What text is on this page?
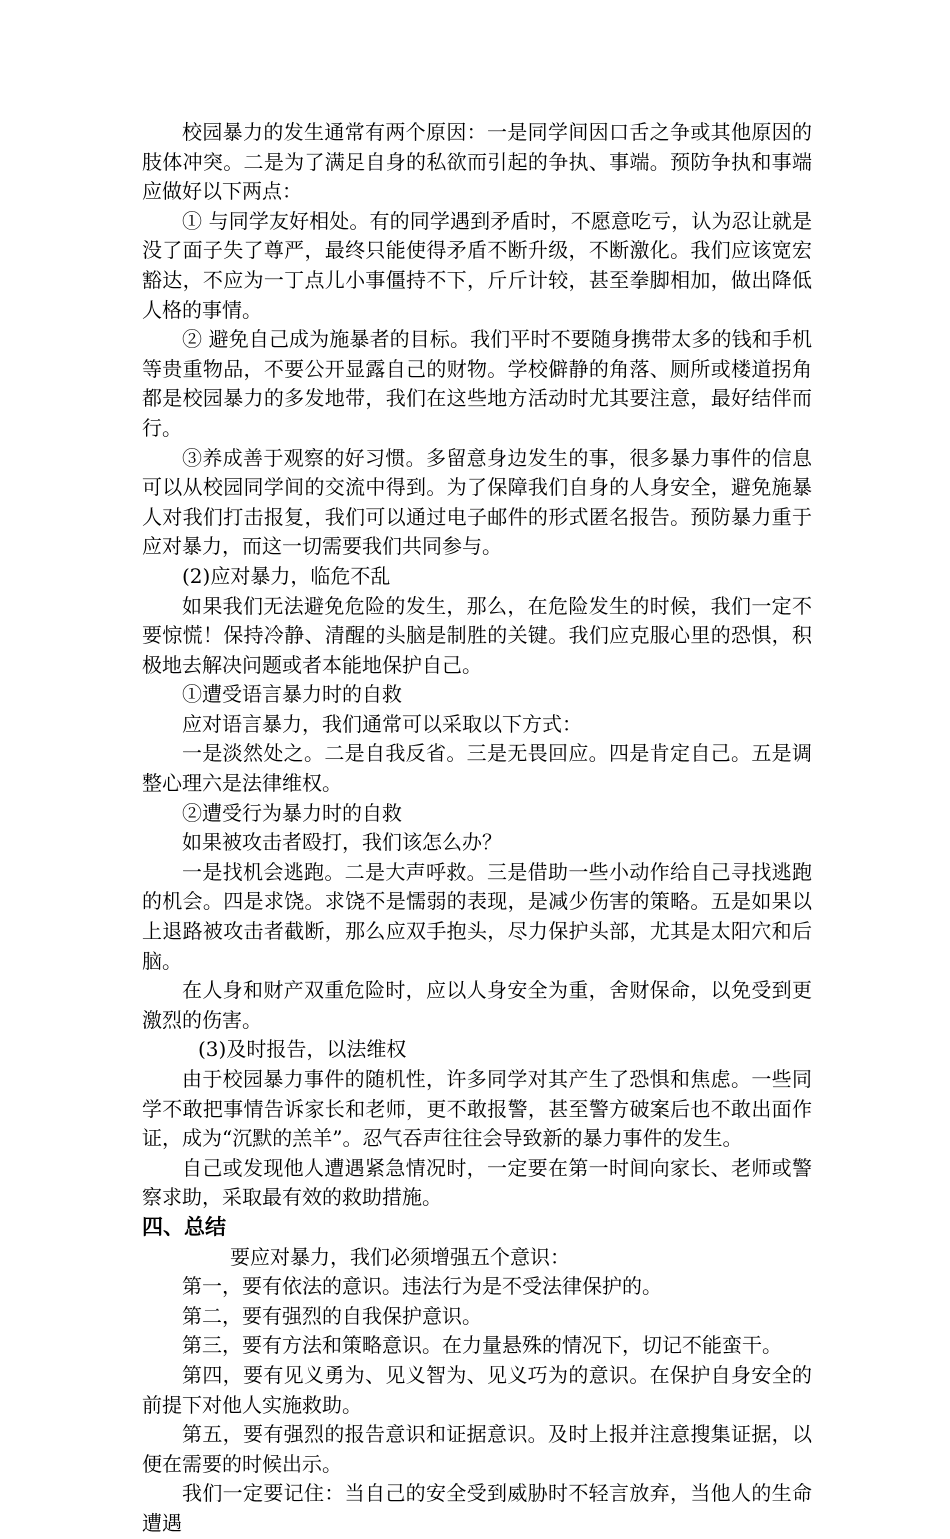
校园暴力的发生通常有两个原因：一是同学间因口舌之争或其他原因的肢体冲突。二是为了满足自身的私欲而引起的争执、事端。预防争执和事端应做好以下两点：

① 与同学友好相处。有的同学遇到矛盾时，不愿意吃亏，认为忍让就是没了面子失了尊严，最终只能使得矛盾不断升级，不断激化。我们应该宽宏豁达，不应为一丁点儿小事僵持不下，斤斤计较，甚至拳脚相加，做出降低人格的事情。

② 避免自己成为施暴者的目标。我们平时不要随身携带太多的钱和手机等贵重物品，不要公开显露自己的财物。学校僻静的角落、厕所或楼道拐角都是校园暴力的多发地带，我们在这些地方活动时尤其要注意，最好结伴而行。

③养成善于观察的好习惯。多留意身边发生的事，很多暴力事件的信息可以从校园同学间的交流中得到。为了保障我们自身的人身安全，避免施暴人对我们打击报复，我们可以通过电子邮件的形式匿名报告。预防暴力重于应对暴力，而这一切需要我们共同参与。

(2)应对暴力，临危不乱

如果我们无法避免危险的发生，那么，在危险发生的时候，我们一定不要惊慌！保持冷静、清醒的头脑是制胜的关键。我们应克服心里的恐惧，积极地去解决问题或者本能地保护自己。

①遭受语言暴力时的自救

应对语言暴力，我们通常可以采取以下方式：

一是淡然处之。二是自我反省。三是无畏回应。四是肯定自己。五是调整心理六是法律维权。

②遭受行为暴力时的自救

如果被攻击者殴打，我们该怎么办？

一是找机会逃跑。二是大声呼救。三是借助一些小动作给自己寻找逃跑的机会。四是求饶。求饶不是懦弱的表现，是减少伤害的策略。五是如果以上退路被攻击者截断，那么应双手抱头，尽力保护头部，尤其是太阳穴和后脑。

在人身和财产双重危险时，应以人身安全为重，舍财保命，以免受到更激烈的伤害。

(3)及时报告，以法维权

由于校园暴力事件的随机性，许多同学对其产生了恐惧和焦虑。一些同学不敢把事情告诉家长和老师，更不敢报警，甚至警方破案后也不敢出面作证，成为“沉默的羔羊”。忍气吞声往往会导致新的暴力事件的发生。

自己或发现他人遭遇紧急情况时，一定要在第一时间向家长、老师或警察求助，采取最有效的救助措施。

四、总结

要应对暴力，我们必须增强五个意识：

第一，要有依法的意识。违法行为是不受法律保护的。

第二，要有强烈的自我保护意识。

第三，要有方法和策略意识。在力量悬殊的情况下，切记不能蛮干。

第四，要有见义勇为、见义智为、见义巧为的意识。在保护自身安全的前提下对他人实施救助。

第五，要有强烈的报告意识和证据意识。及时上报并注意搜集证据，以便在需要的时候出示。

我们一定要记住：当自己的安全受到威胁时不轻言放弃，当他人的生命遭遇
